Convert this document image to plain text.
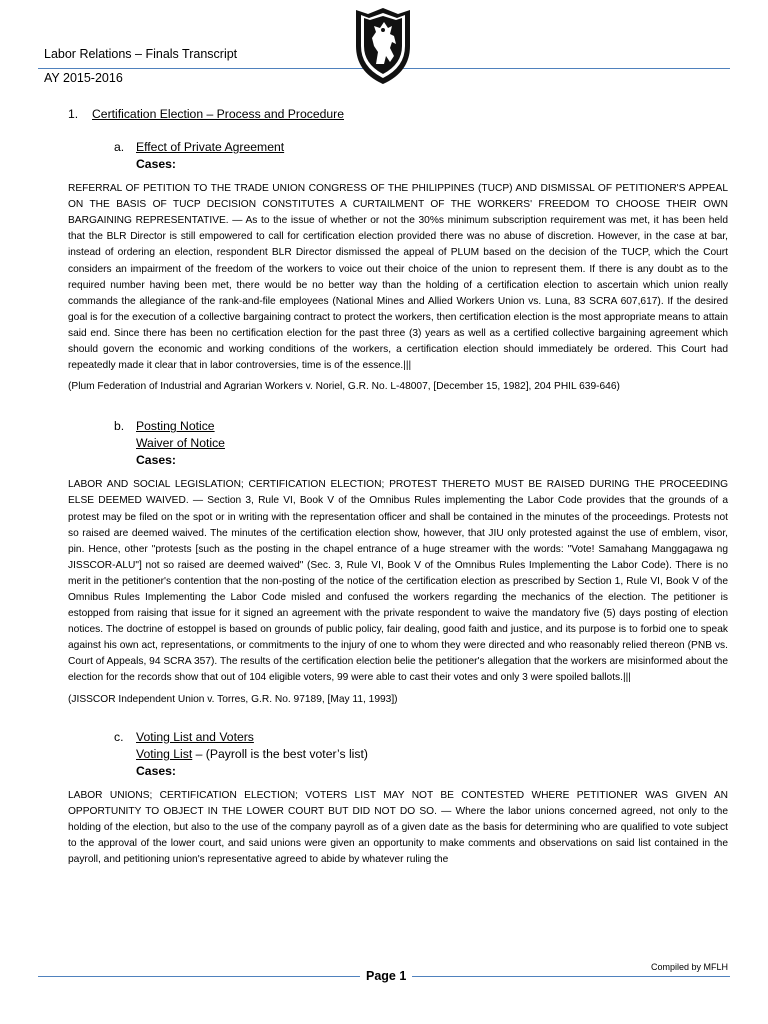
Labor Relations – Finals Transcript
AY 2015-2016

1. Certification Election – Process and Procedure

a. Effect of Private Agreement
Cases:

REFERRAL OF PETITION TO THE TRADE UNION CONGRESS OF THE PHILIPPINES (TUCP) AND DISMISSAL OF PETITIONER'S APPEAL ON THE BASIS OF TUCP DECISION CONSTITUTES A CURTAILMENT OF THE WORKERS' FREEDOM TO CHOOSE THEIR OWN BARGAINING REPRESENTATIVE. — As to the issue of whether or not the 30%s minimum subscription requirement was met, it has been held that the BLR Director is still empowered to call for certification election provided there was no abuse of discretion. However, in the case at bar, instead of ordering an election, respondent BLR Director dismissed the appeal of PLUM based on the decision of the TUCP, which the Court considers an impairment of the freedom of the workers to voice out their choice of the union to represent them. If there is any doubt as to the required number having been met, there would be no better way than the holding of a certification election to ascertain which union really commands the allegiance of the rank-and-file employees (National Mines and Allied Workers Union vs. Luna, 83 SCRA 607,617). If the desired goal is for the execution of a collective bargaining contract to protect the workers, then certification election is the most appropriate means to attain said end. Since there has been no certification election for the past three (3) years as well as a certified collective bargaining agreement which should govern the economic and working conditions of the workers, a certification election should immediately be ordered. This Court had repeatedly made it clear that in labor controversies, time is of the essence.|||

(Plum Federation of Industrial and Agrarian Workers v. Noriel, G.R. No. L-48007, [December 15, 1982], 204 PHIL 639-646)

b. Posting Notice
Waiver of Notice
Cases:

LABOR AND SOCIAL LEGISLATION; CERTIFICATION ELECTION; PROTEST THERETO MUST BE RAISED DURING THE PROCEEDING ELSE DEEMED WAIVED. — Section 3, Rule VI, Book V of the Omnibus Rules implementing the Labor Code provides that the grounds of a protest may be filed on the spot or in writing with the representation officer and shall be contained in the minutes of the proceedings. Protests not so raised are deemed waived. The minutes of the certification election show, however, that JIU only protested against the use of emblem, visor, pin. Hence, other "protests [such as the posting in the chapel entrance of a huge streamer with the words: "Vote! Samahang Manggagawa ng JISSCOR-ALU"] not so raised are deemed waived" (Sec. 3, Rule VI, Book V of the Omnibus Rules Implementing the Labor Code). There is no merit in the petitioner's contention that the non-posting of the notice of the certification election as prescribed by Section 1, Rule VI, Book V of the Omnibus Rules Implementing the Labor Code misled and confused the workers regarding the mechanics of the election. The petitioner is estopped from raising that issue for it signed an agreement with the private respondent to waive the mandatory five (5) days posting of election notices. The doctrine of estoppel is based on grounds of public policy, fair dealing, good faith and justice, and its purpose is to forbid one to speak against his own act, representations, or commitments to the injury of one to whom they were directed and who reasonably relied thereon (PNB vs. Court of Appeals, 94 SCRA 357). The results of the certification election belie the petitioner's allegation that the workers are misinformed about the election for the records show that out of 104 eligible voters, 99 were able to cast their votes and only 3 were spoiled ballots.|||

(JISSCOR Independent Union v. Torres, G.R. No. 97189, [May 11, 1993])

c. Voting List and Voters
Voting List – (Payroll is the best voter’s list)
Cases:

LABOR UNIONS; CERTIFICATION ELECTION; VOTERS LIST MAY NOT BE CONTESTED WHERE PETITIONER WAS GIVEN AN OPPORTUNITY TO OBJECT IN THE LOWER COURT BUT DID NOT DO SO. — Where the labor unions concerned agreed, not only to the holding of the election, but also to the use of the company payroll as of a given date as the basis for determining who are qualified to vote subject to the approval of the lower court, and said unions were given an opportunity to make comments and observations on said list contained in the payroll, and petitioning union's representative agreed to abide by whatever ruling the

Compiled by MFLH
Page 1
